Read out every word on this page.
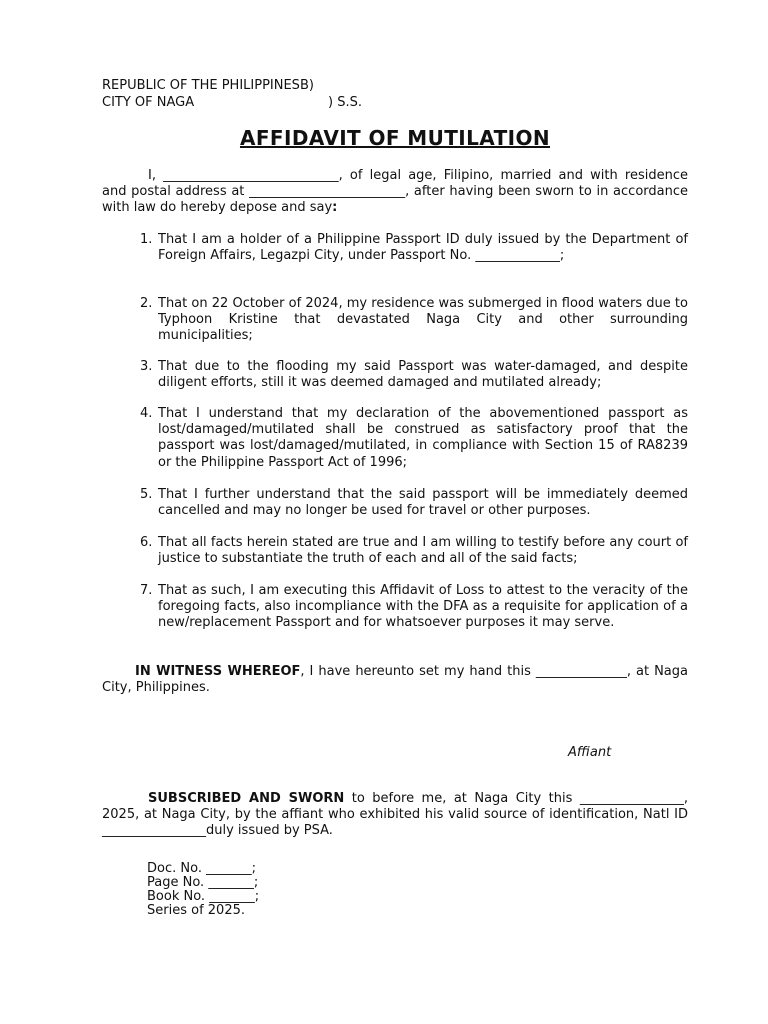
REPUBLIC OF THE PHILIPPINESB)
CITY OF NAGA	) S.S.
AFFIDAVIT OF MUTILATION
I, ___________________________, of legal age, Filipino, married and with residence and postal address at ________________________, after having been sworn to in accordance with law do hereby depose and say:
1. That I am a holder of a Philippine Passport ID duly issued by the Department of Foreign Affairs, Legazpi City, under Passport No. _____________;
2. That on 22 October of 2024, my residence was submerged in flood waters due to Typhoon Kristine that devastated Naga City and other surrounding municipalities;
3. That due to the flooding my said Passport was water-damaged, and despite diligent efforts, still it was deemed damaged and mutilated already;
4. That I understand that my declaration of the abovementioned passport as lost/damaged/mutilated shall be construed as satisfactory proof that the passport was lost/damaged/mutilated, in compliance with Section 15 of RA8239 or the Philippine Passport Act of 1996;
5. That I further understand that the said passport will be immediately deemed cancelled and may no longer be used for travel or other purposes.
6. That all facts herein stated are true and I am willing to testify before any court of justice to substantiate the truth of each and all of the said facts;
7. That as such, I am executing this Affidavit of Loss to attest to the veracity of the foregoing facts, also incompliance with the DFA as a requisite for application of a new/replacement Passport and for whatsoever purposes it may serve.
IN WITNESS WHEREOF, I have hereunto set my hand this ______________, at Naga City, Philippines.
Affiant
SUBSCRIBED AND SWORN to before me, at Naga City this ________________, 2025, at Naga City, by the affiant who exhibited his valid source of identification, Natl ID ________________duly issued by PSA.
Doc. No. _______;
Page No. _______;
Book No. _______;
Series of 2025.
